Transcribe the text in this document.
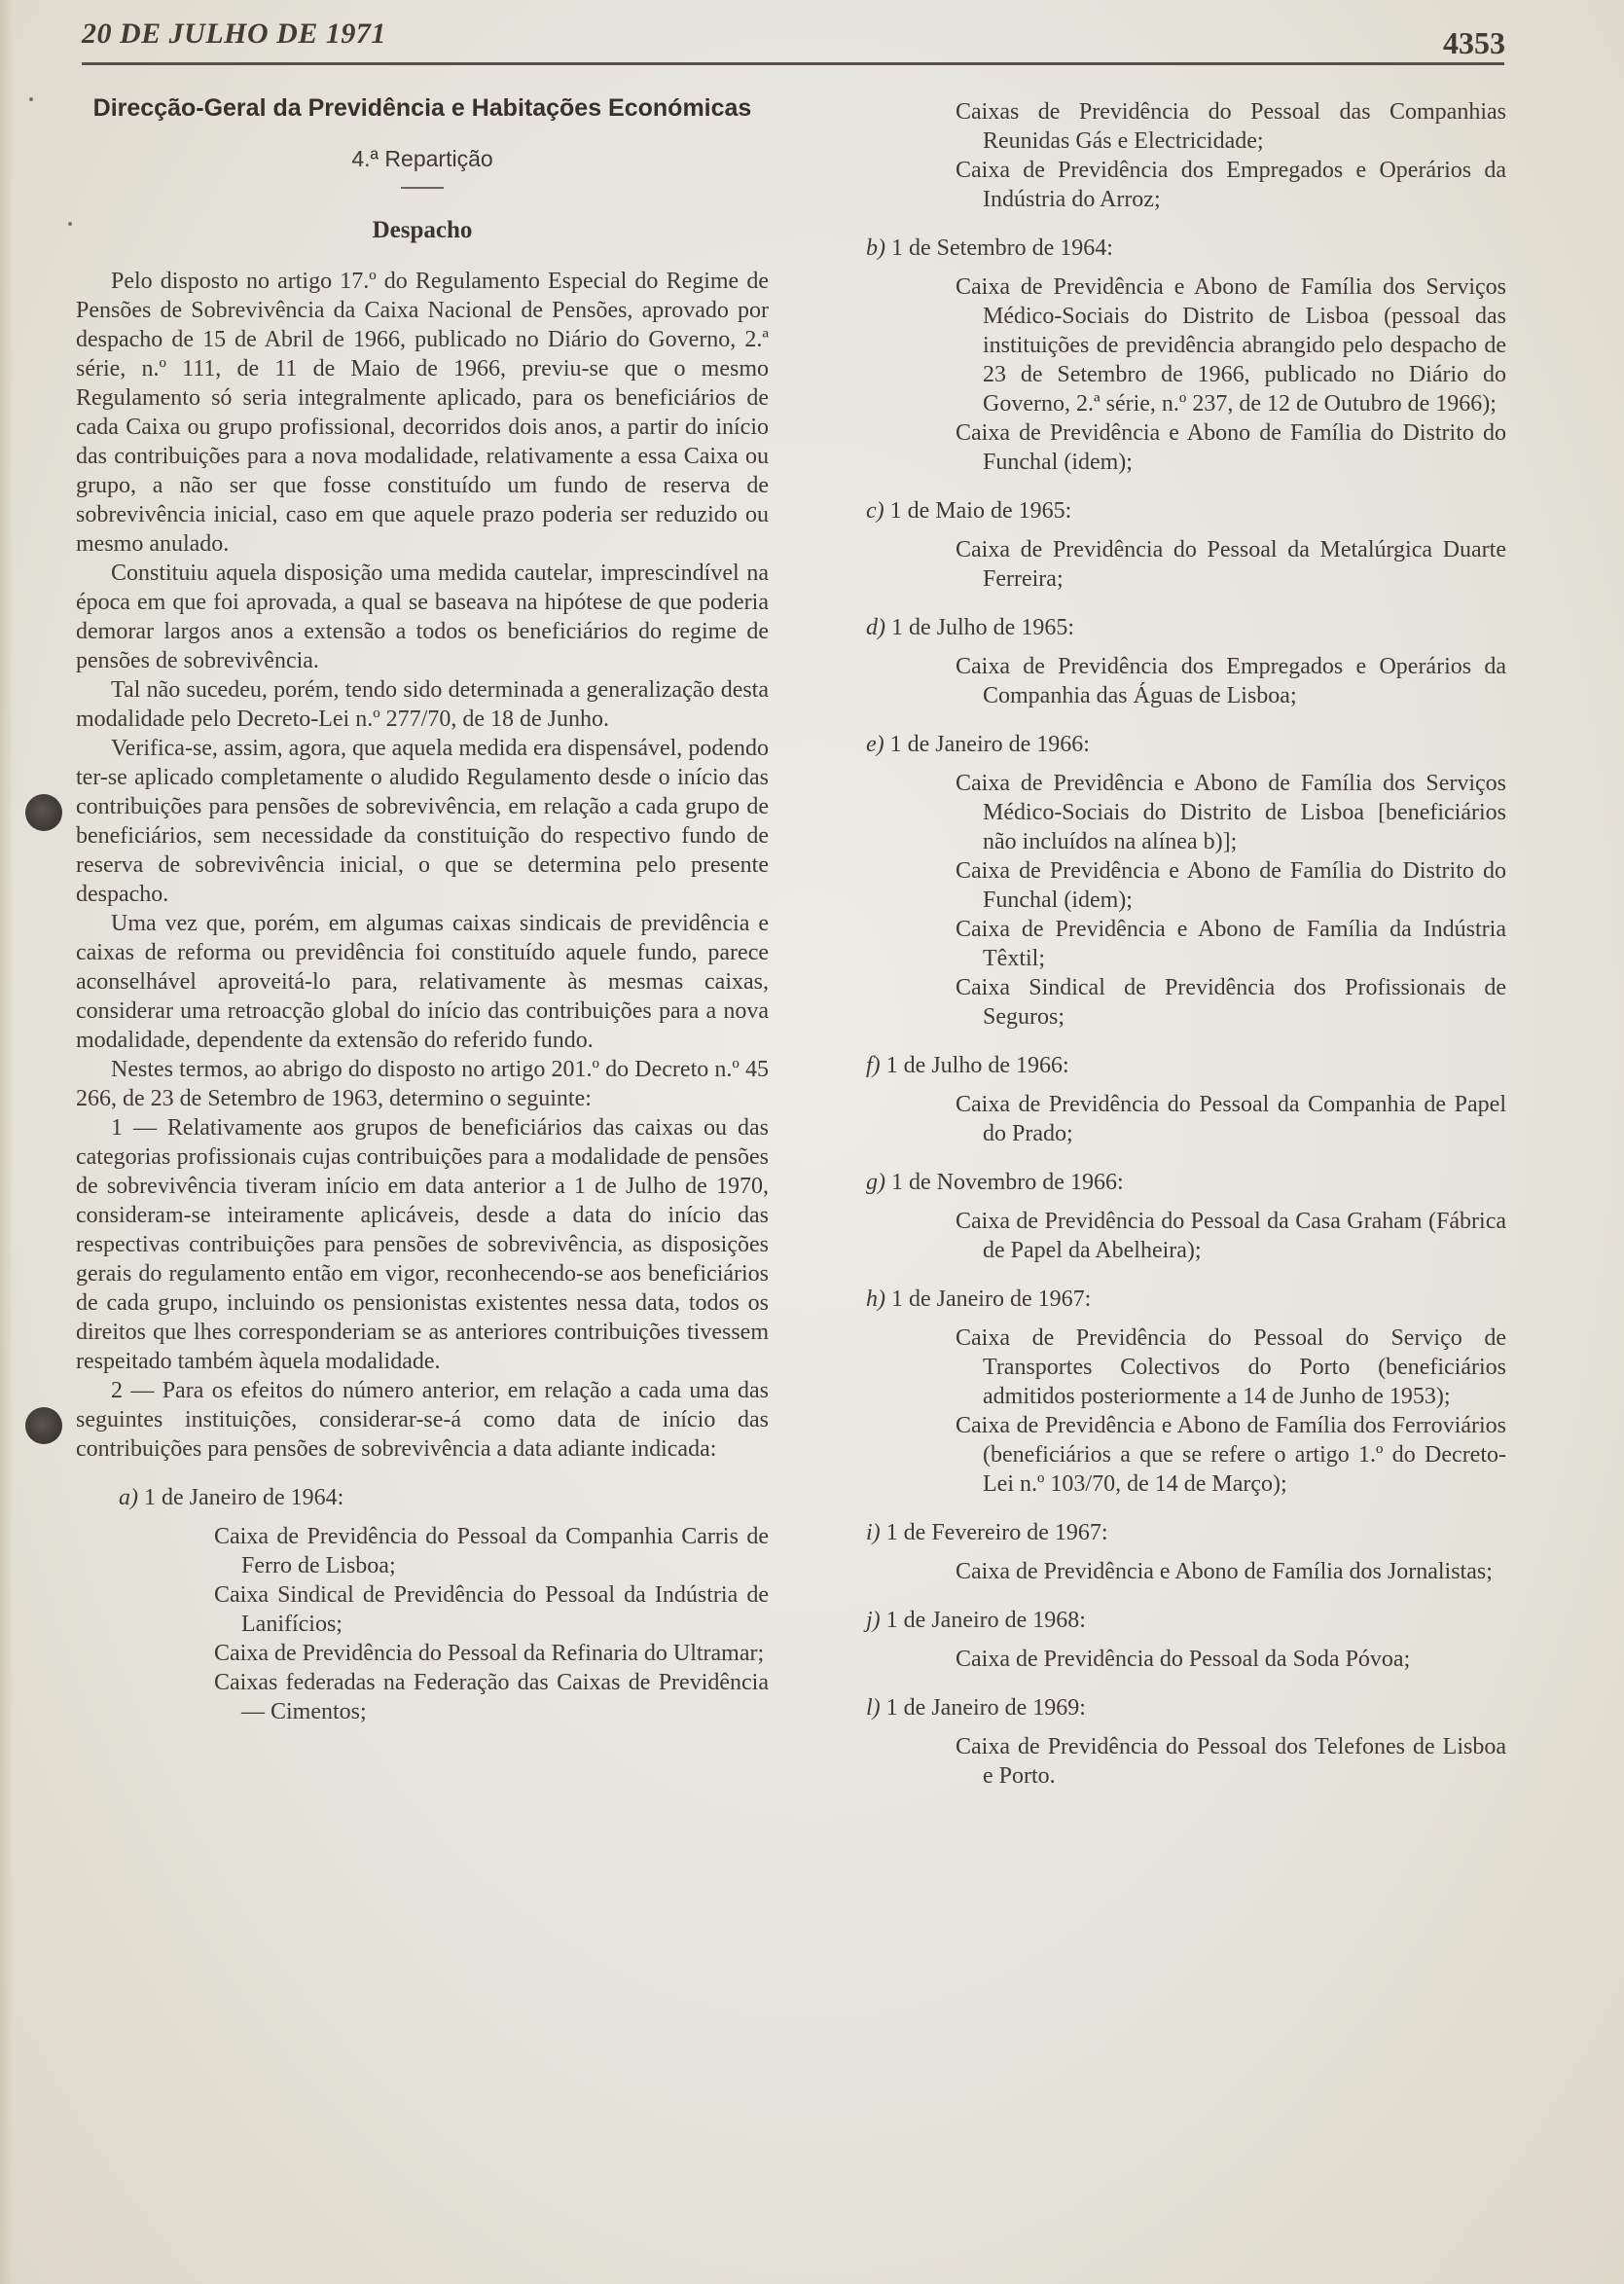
20 DE JULHO DE 1971	4353
Direcção-Geral da Previdência e Habitações Económicas
4.ª Repartição
Despacho

Pelo disposto no artigo 17.º do Regulamento Especial do Regime de Pensões de Sobrevivência da Caixa Nacional de Pensões, aprovado por despacho de 15 de Abril de 1966, publicado no Diário do Governo, 2.ª série, n.º 111, de 11 de Maio de 1966, previu-se que o mesmo Regulamento só seria integralmente aplicado, para os beneficiários de cada Caixa ou grupo profissional, decorridos dois anos, a partir do início das contribuições para a nova modalidade, relativamente a essa Caixa ou grupo, a não ser que fosse constituído um fundo de reserva de sobrevivência inicial, caso em que aquele prazo poderia ser reduzido ou mesmo anulado.

Constituiu aquela disposição uma medida cautelar, imprescindível na época em que foi aprovada, a qual se baseava na hipótese de que poderia demorar largos anos a extensão a todos os beneficiários do regime de pensões de sobrevivência.

Tal não sucedeu, porém, tendo sido determinada a generalização desta modalidade pelo Decreto-Lei n.º 277/70, de 18 de Junho.

Verifica-se, assim, agora, que aquela medida era dispensável, podendo ter-se aplicado completamente o aludido Regulamento desde o início das contribuições para pensões de sobrevivência, em relação a cada grupo de beneficiários, sem necessidade da constituição do respectivo fundo de reserva de sobrevivência inicial, o que se determina pelo presente despacho.

Uma vez que, porém, em algumas caixas sindicais de previdência e caixas de reforma ou previdência foi constituído aquele fundo, parece aconselhável aproveitá-lo para, relativamente às mesmas caixas, considerar uma retroacção global do início das contribuições para a nova modalidade, dependente da extensão do referido fundo.

Nestes termos, ao abrigo do disposto no artigo 201.º do Decreto n.º 45 266, de 23 de Setembro de 1963, determino o seguinte:

1 — Relativamente aos grupos de beneficiários das caixas ou das categorias profissionais cujas contribuições para a modalidade de pensões de sobrevivência tiveram início em data anterior a 1 de Julho de 1970, consideram-se inteiramente aplicáveis, desde a data do início das respectivas contribuições para pensões de sobrevivência, as disposições gerais do regulamento então em vigor, reconhecendo-se aos beneficiários de cada grupo, incluindo os pensionistas existentes nessa data, todos os direitos que lhes corresponderiam se as anteriores contribuições tivessem respeitado também àquela modalidade.

2 — Para os efeitos do número anterior, em relação a cada uma das seguintes instituições, considerar-se-á como data de início das contribuições para pensões de sobrevivência a data adiante indicada:

a) 1 de Janeiro de 1964:

Caixa de Previdência do Pessoal da Companhia Carris de Ferro de Lisboa;

Caixa Sindical de Previdência do Pessoal da Indústria de Lanifícios;

Caixa de Previdência do Pessoal da Refinaria do Ultramar;

Caixas federadas na Federação das Caixas de Previdência — Cimentos;

Caixas de Previdência do Pessoal das Companhias Reunidas Gás e Electricidade;

Caixa de Previdência dos Empregados e Operários da Indústria do Arroz;

b) 1 de Setembro de 1964:

Caixa de Previdência e Abono de Família dos Serviços Médico-Sociais do Distrito de Lisboa (pessoal das instituições de previdência abrangido pelo despacho de 23 de Setembro de 1966, publicado no Diário do Governo, 2.ª série, n.º 237, de 12 de Outubro de 1966);

Caixa de Previdência e Abono de Família do Distrito do Funchal (idem);

c) 1 de Maio de 1965:

Caixa de Previdência do Pessoal da Metalúrgica Duarte Ferreira;

d) 1 de Julho de 1965:

Caixa de Previdência dos Empregados e Operários da Companhia das Águas de Lisboa;

e) 1 de Janeiro de 1966:

Caixa de Previdência e Abono de Família dos Serviços Médico-Sociais do Distrito de Lisboa [beneficiários não incluídos na alínea b)];

Caixa de Previdência e Abono de Família do Distrito do Funchal (idem);

Caixa de Previdência e Abono de Família da Indústria Têxtil;

Caixa Sindical de Previdência dos Profissionais de Seguros;

f) 1 de Julho de 1966:

Caixa de Previdência do Pessoal da Companhia de Papel do Prado;

g) 1 de Novembro de 1966:

Caixa de Previdência do Pessoal da Casa Graham (Fábrica de Papel da Abelheira);

h) 1 de Janeiro de 1967:

Caixa de Previdência do Pessoal do Serviço de Transportes Colectivos do Porto (beneficiários admitidos posteriormente a 14 de Junho de 1953);

Caixa de Previdência e Abono de Família dos Ferroviários (beneficiários a que se refere o artigo 1.º do Decreto-Lei n.º 103/70, de 14 de Março);

i) 1 de Fevereiro de 1967:

Caixa de Previdência e Abono de Família dos Jornalistas;

j) 1 de Janeiro de 1968:

Caixa de Previdência do Pessoal da Soda Póvoa;

l) 1 de Janeiro de 1969:

Caixa de Previdência do Pessoal dos Telefones de Lisboa e Porto.
